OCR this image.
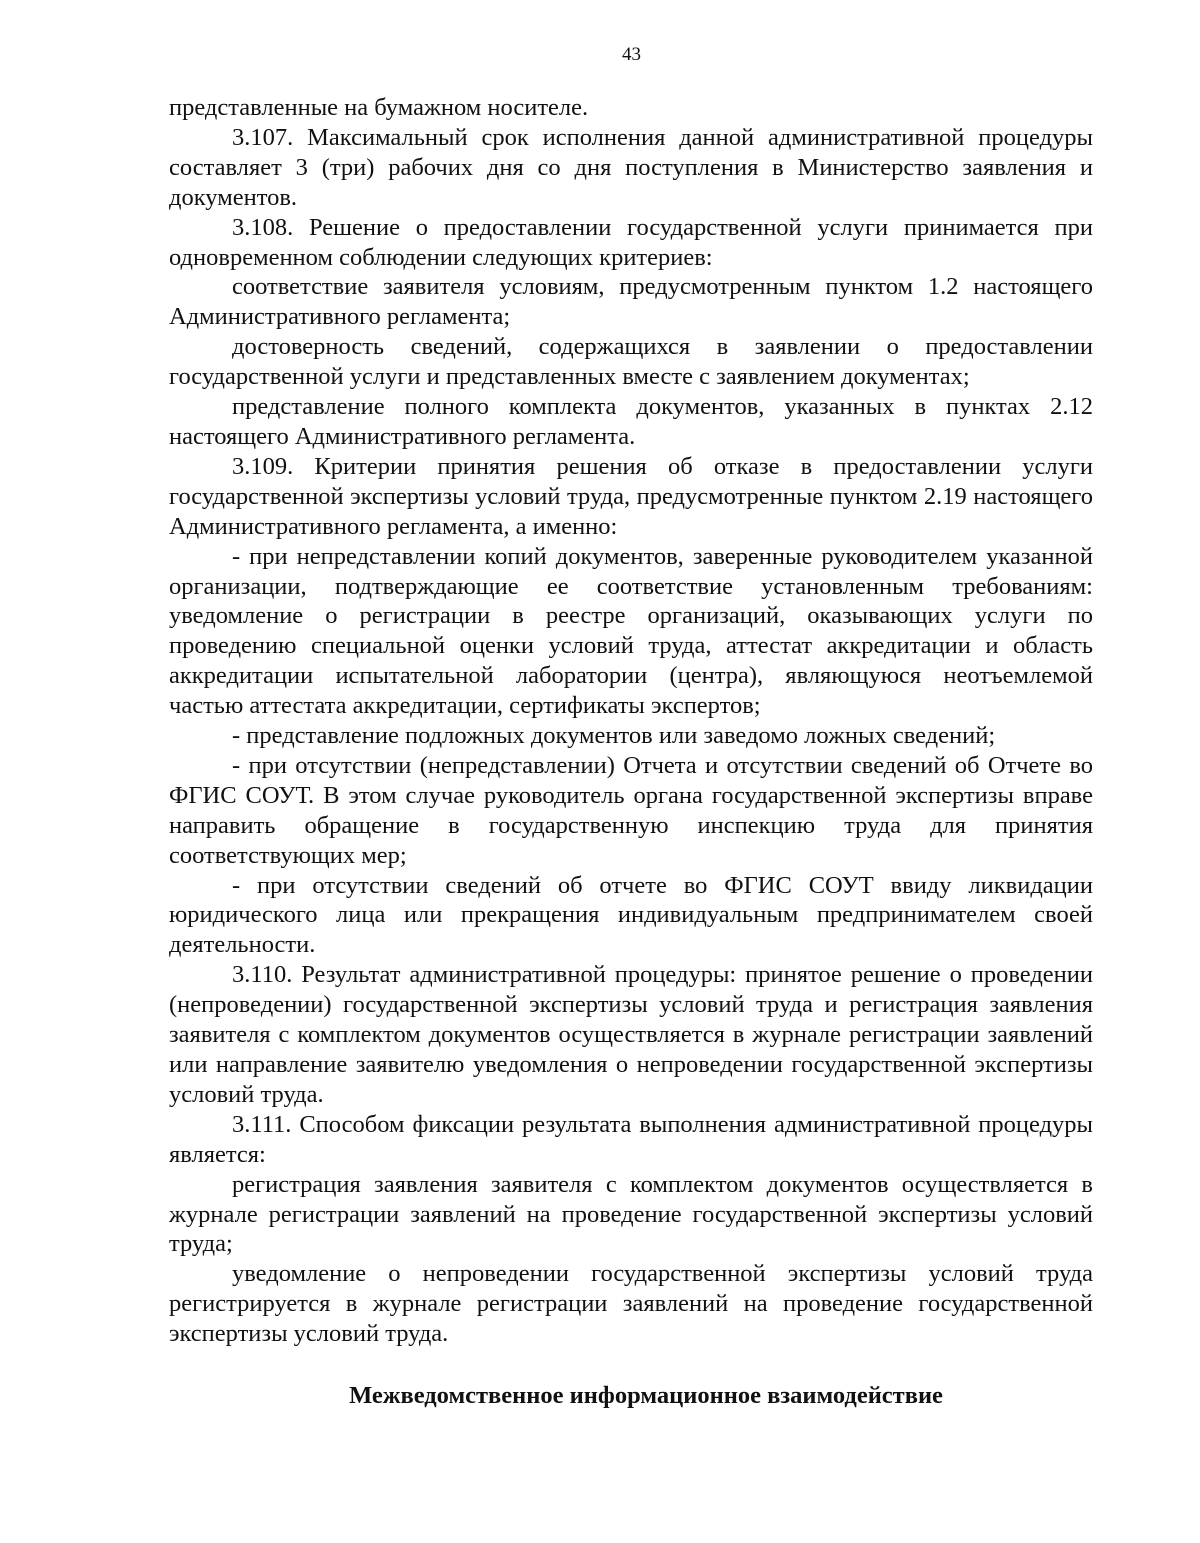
43

представленные на бумажном носителе.

3.107. Максимальный срок исполнения данной административной процедуры составляет 3 (три) рабочих дня со дня поступления в Министерство заявления и документов.

3.108. Решение о предоставлении государственной услуги принимается при одновременном соблюдении следующих критериев:

соответствие заявителя условиям, предусмотренным пунктом 1.2 настоящего Административного регламента;

достоверность сведений, содержащихся в заявлении о предоставлении государственной услуги и представленных вместе с заявлением документах;

представление полного комплекта документов, указанных в пунктах 2.12 настоящего Административного регламента.

3.109. Критерии принятия решения об отказе в предоставлении услуги государственной экспертизы условий труда, предусмотренные пунктом 2.19 настоящего Административного регламента, а именно:

- при непредставлении копий документов, заверенные руководителем указанной организации, подтверждающие ее соответствие установленным требованиям: уведомление о регистрации в реестре организаций, оказывающих услуги по проведению специальной оценки условий труда, аттестат аккредитации и область аккредитации испытательной лаборатории (центра), являющуюся неотъемлемой частью аттестата аккредитации, сертификаты экспертов;

- представление подложных документов или заведомо ложных сведений;

- при отсутствии (непредставлении) Отчета и отсутствии сведений об Отчете во ФГИС СОУТ. В этом случае руководитель органа государственной экспертизы вправе направить обращение в государственную инспекцию труда для принятия соответствующих мер;

- при отсутствии сведений об отчете во ФГИС СОУТ ввиду ликвидации юридического лица или прекращения индивидуальным предпринимателем своей деятельности.

3.110. Результат административной процедуры: принятое решение о проведении (непроведении) государственной экспертизы условий труда и регистрация заявления заявителя с комплектом документов осуществляется в журнале регистрации заявлений или направление заявителю уведомления о непроведении государственной экспертизы условий труда.

3.111. Способом фиксации результата выполнения административной процедуры является:

регистрация заявления заявителя с комплектом документов осуществляется в журнале регистрации заявлений на проведение государственной экспертизы условий труда;

уведомление о непроведении государственной экспертизы условий труда регистрируется в журнале регистрации заявлений на проведение государственной экспертизы условий труда.

Межведомственное информационное взаимодействие
